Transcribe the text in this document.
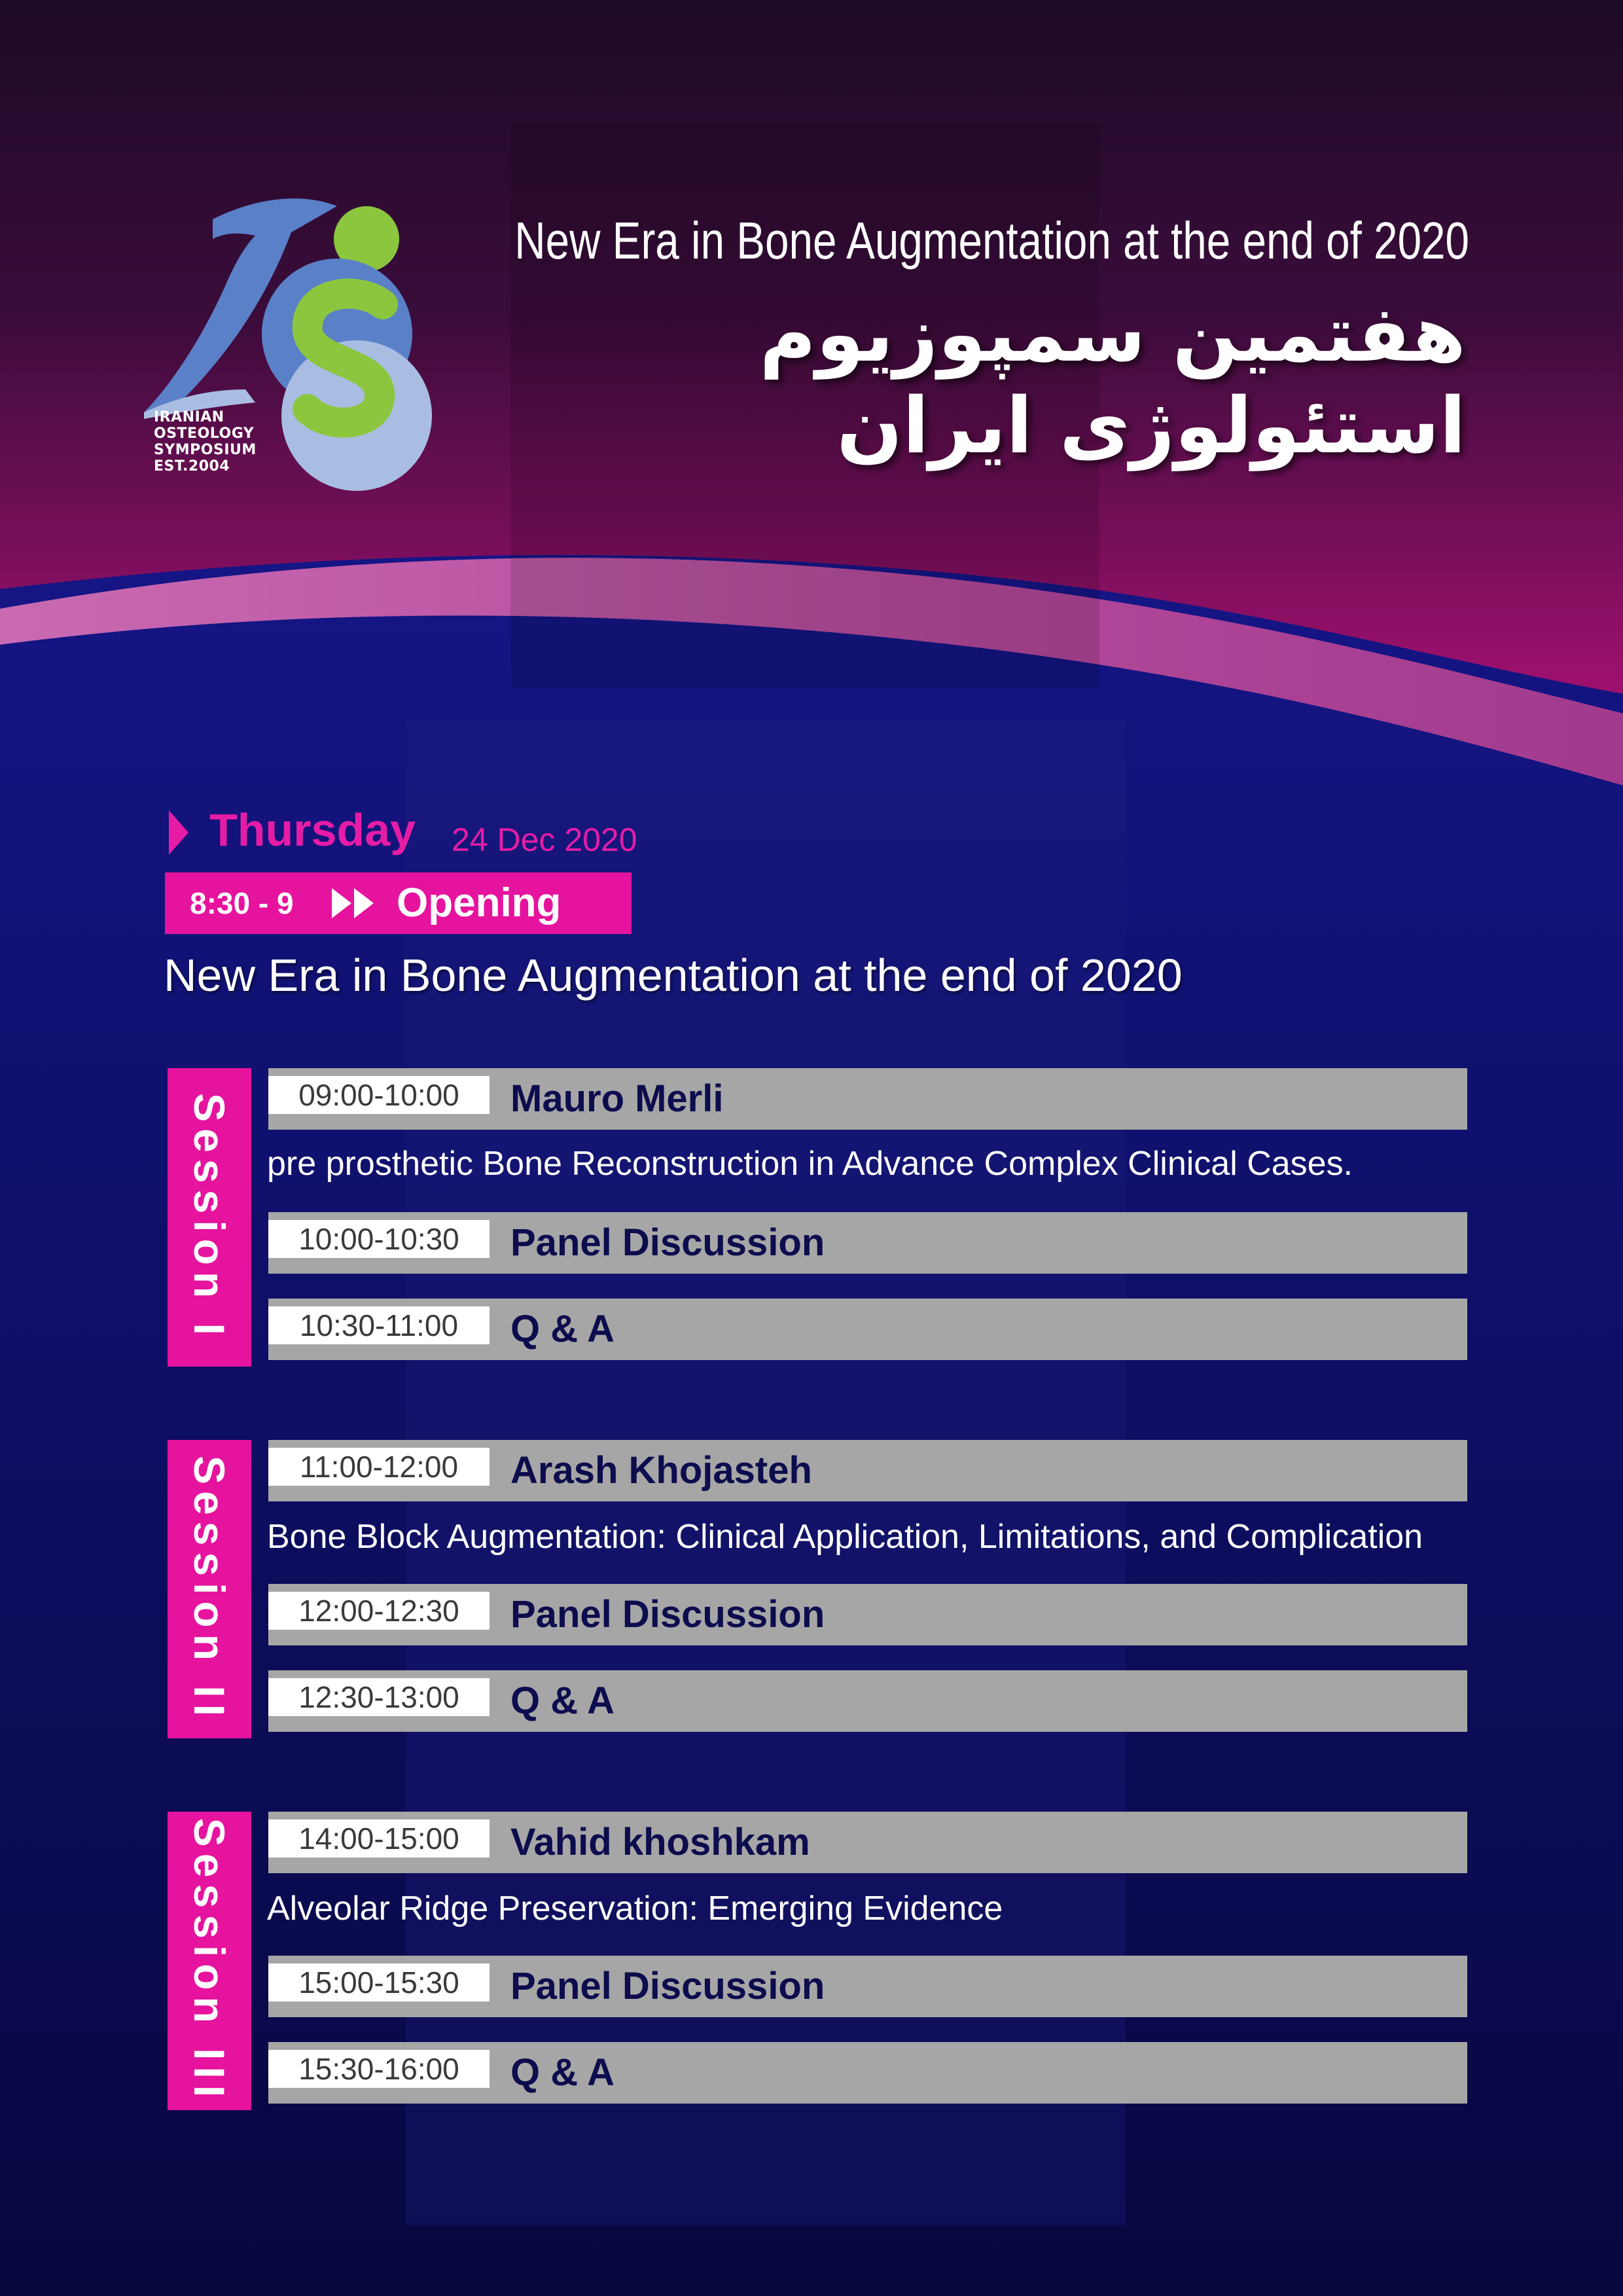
IRANIAN
OSTEOLOGY
SYMPOSIUM
EST.2004
New Era in Bone Augmentation at the end of 2020
هفتمین سمپوزیوم
استئولوژی ایران
Thursday 24 Dec 2020
8:30 - 9	Opening
New Era in Bone Augmentation at the end of 2020
Session I	09:00-10:00	Mauro Merli
pre prosthetic Bone Reconstruction in Advance Complex Clinical Cases.
10:00-10:30	Panel Discussion
10:30-11:00	Q & A
Session II	11:00-12:00	Arash Khojasteh
Bone Block Augmentation: Clinical Application, Limitations, and Complication
12:00-12:30	Panel Discussion
12:30-13:00	Q & A
Session III	14:00-15:00	Vahid khoshkam
Alveolar Ridge Preservation: Emerging Evidence
15:00-15:30	Panel Discussion
15:30-16:00	Q & A
